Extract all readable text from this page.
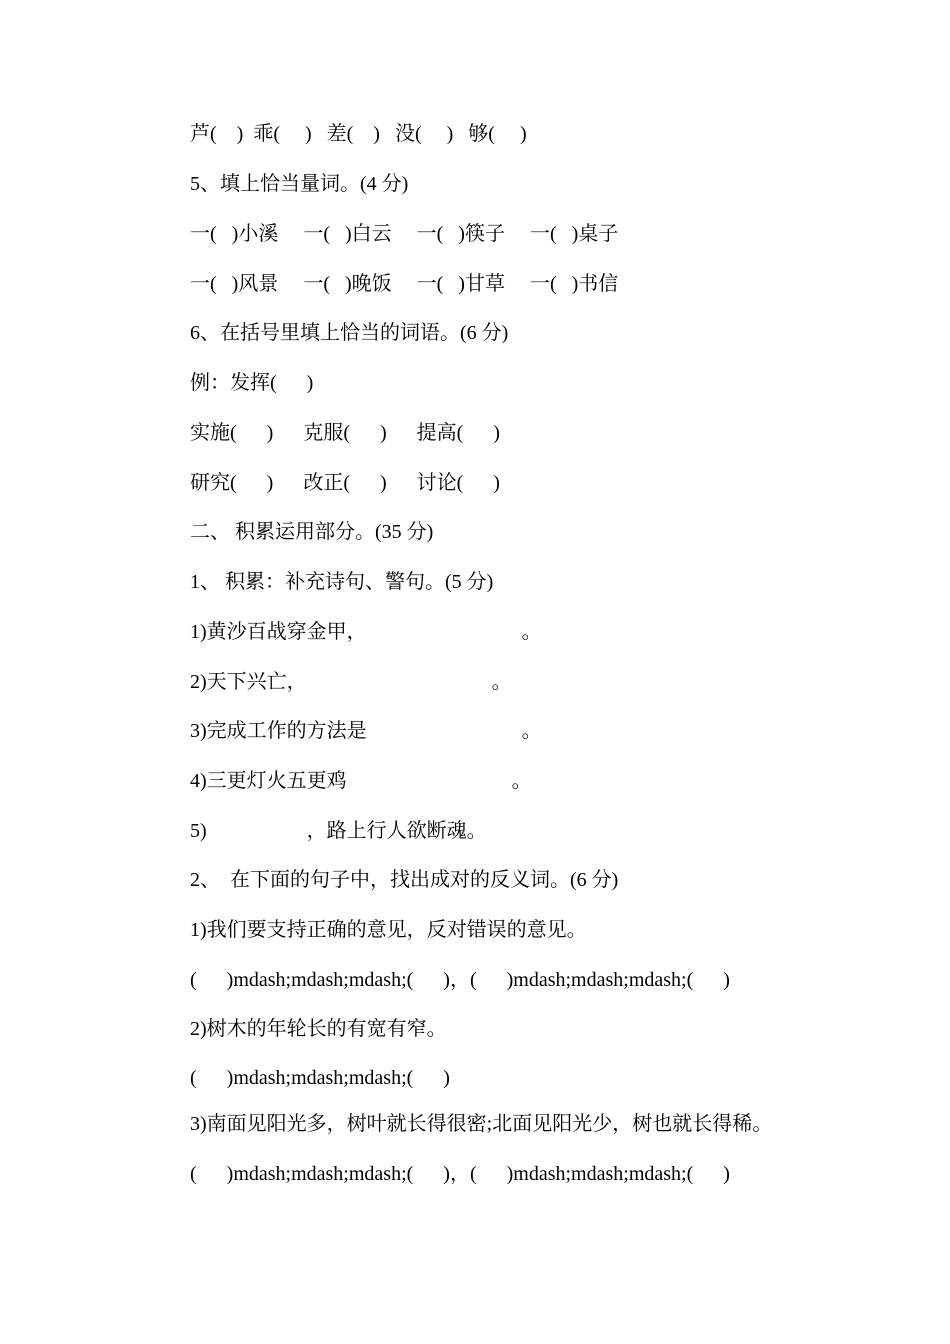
芦(    )  乖(     )   差(    )   没(     )   够(     )
5、填上恰当量词。(4 分)
一(   )小溪     一(   )白云     一(   )筷子     一(   )桌子
一(   )风景     一(   )晚饭     一(   )甘草     一(   )书信
6、在括号里填上恰当的词语。(6 分)
例：发挥(      )
实施(      )      克服(      )      提高(      )
研究(      )      改正(      )      讨论(      )
二、 积累运用部分。(35 分)
1、 积累：补充诗句、警句。(5 分)
1)黄沙百战穿金甲，                               。
2)天下兴亡，                                     。
3)完成工作的方法是                               。
4)三更灯火五更鸡                                 。
5)                    ，路上行人欲断魂。
2、  在下面的句子中，找出成对的反义词。(6 分)
1)我们要支持正确的意见，反对错误的意见。
(      )mdash;mdash;mdash;(      )，(      )mdash;mdash;mdash;(      )
2)树木的年轮长的有宽有窄。
(      )mdash;mdash;mdash;(      )
3)南面见阳光多，树叶就长得很密;北面见阳光少，树也就长得稀。
(      )mdash;mdash;mdash;(      )，(      )mdash;mdash;mdash;(      )
